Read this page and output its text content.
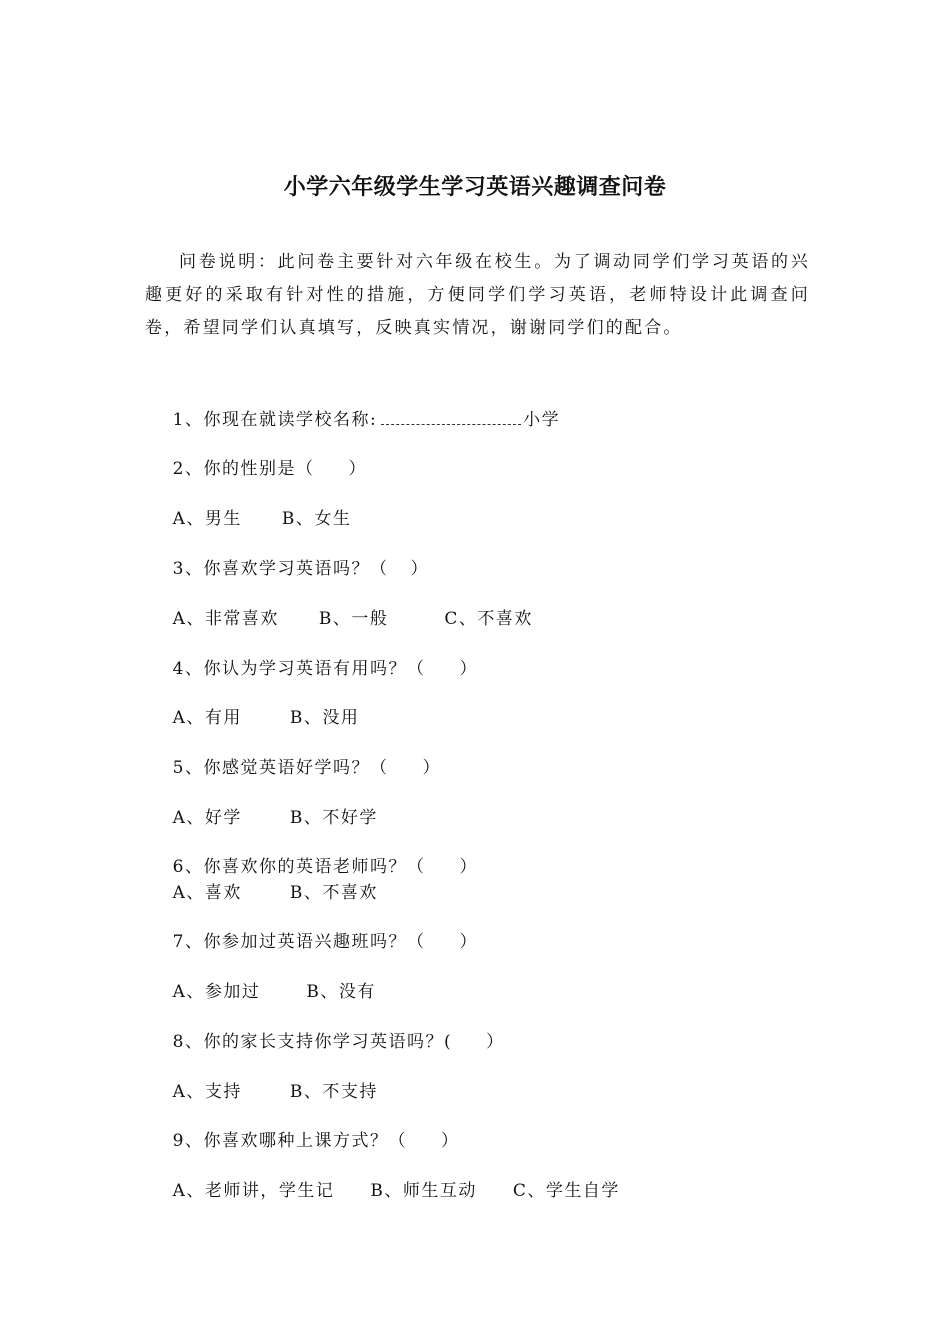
小学六年级学生学习英语兴趣调查问卷
问卷说明：此问卷主要针对六年级在校生。为了调动同学们学习英语的兴趣更好的采取有针对性的措施，方便同学们学习英语，老师特设计此调查问卷，希望同学们认真填写，反映真实情况，谢谢同学们的配合。

1、你现在就读学校名称:	小学

2、你的性别是（ ）

A、男生 B、女生

3、你喜欢学习英语吗？（ ）

A、非常喜欢 B、一般	C、不喜欢

4、你认为学习英语有用吗？（ ）

A、有用	B、没用

5、你感觉英语好学吗？（ ）

A、好学	B、不好学

6、你喜欢你的英语老师吗？（ ）

A、喜欢	B、不喜欢

7、你参加过英语兴趣班吗？（ ）

A、参加过	B、没有

8、你的家长支持你学习英语吗？( ）

A、支持	B、不支持

9、你喜欢哪种上课方式？（ ）

A、老师讲，学生记 B、师生互动 C、学生自学
